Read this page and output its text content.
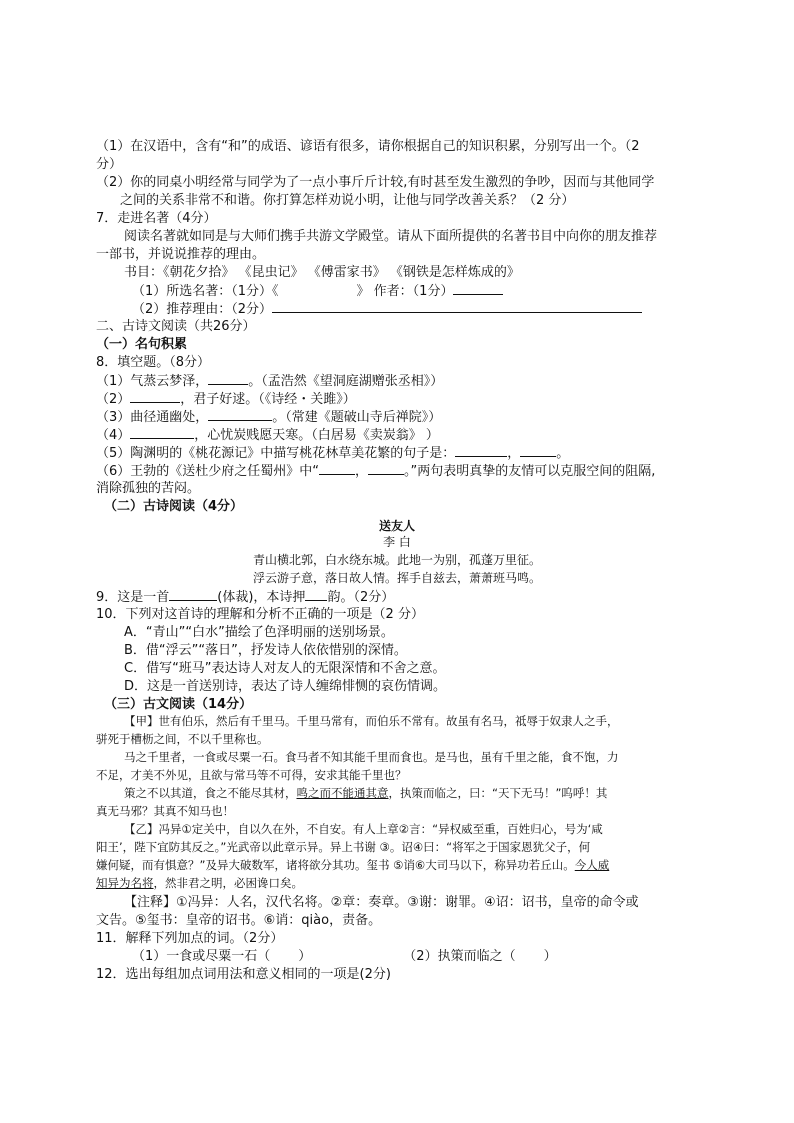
（1）在汉语中，含有“和”的成语、谚语有很多，请你根据自己的知识积累，分别写出一个。（2
分）
（2）你的同桌小明经常与同学为了一点小事斤斤计较,有时甚至发生激烈的争吵，因而与其他同学
之间的关系非常不和谐。你打算怎样劝说小明，让他与同学改善关系？（2 分）
7．走进名著（4分）
阅读名著就如同是与大师们携手共游文学殿堂。请从下面所提供的名著书目中向你的朋友推荐
一部书，并说说推荐的理由。
书目：《朝花夕拾》 《昆虫记》 《傅雷家书》 《钢铁是怎样炼成的》
（1）所选名著：（1分）《	》 作者：（1分）
（2）推荐理由：（2分）
二、古诗文阅读（共26分）
（一）名句积累
8．填空题。（8分）
（1）气蒸云梦泽，	。（孟浩然《望洞庭湖赠张丞相》）
（2）	，君子好逑。（《诗经・关雎》）
（3）曲径通幽处，	。（常建《题破山寺后禅院》）
（4）	，心忧炭贱愿天寒。（白居易《卖炭翁》 ）
（5）陶渊明的《桃花源记》中描写桃花林草美花繁的句子是：	，	。
（6）王勃的《送杜少府之任蜀州》中“	，	。”两句表明真挚的友情可以克服空间的阻隔,
消除孤独的苦闷。
（二）古诗阅读（4分）
送友人
李 白
青山横北郭，白水绕东城。此地一为别，孤蓬万里征。
浮云游子意，落日故人情。挥手自兹去，萧萧班马鸣。
9．这是一首	(体裁)，本诗押 韵。（2分）
10．下列对这首诗的理解和分析不正确的一项是（2 分）
A．“青山”“白水”描绘了色泽明丽的送别场景。
B．借“浮云”“落日”，抒发诗人依依惜别的深情。
C．借写“班马”表达诗人对友人的无限深情和不舍之意。
D．这是一首送别诗，表达了诗人缠绵悱恻的哀伤情调。
（三）古文阅读（14分）
【甲】世有伯乐，然后有千里马。千里马常有，而伯乐不常有。故虽有名马，祗辱于奴隶人之手，
骈死于槽枥之间，不以千里称也。
马之千里者，一食或尽粟一石。食马者不知其能千里而食也。是马也，虽有千里之能，食不饱，力
不足，才美不外见，且欲与常马等不可得，安求其能千里也？
策之不以其道，食之不能尽其材，鸣之而不能通其意，执策而临之，曰：“天下无马！”呜呼！其
真无马邪？其真不知马也！
【乙】冯异①定关中，自以久在外，不自安。有人上章②言：“异权威至重，百姓归心，号为‘咸
阳王’，陛下宜防其反之。”光武帝以此章示异。异上书谢 ③。诏④曰：“将军之于国家恩犹父子，何
嫌何疑，而有惧意？”及异大破数军，诸将欲分其功。玺书 ⑤诮⑥大司马以下，称异功若丘山。今人威
知异为名将，然非君之明，必困谗口矣。
【注释】①冯异：人名，汉代名将。②章：奏章。③谢：谢罪。④诏：诏书，皇帝的命令或
文告。⑤玺书：皇帝的诏书。⑥诮：qiào，责备。
11．解释下列加点的词。（2分）
（1）一食或尽粟一石（ ）	（2）执策而临之（ ）
12．选出每组加点词用法和意义相同的一项是(2分)
